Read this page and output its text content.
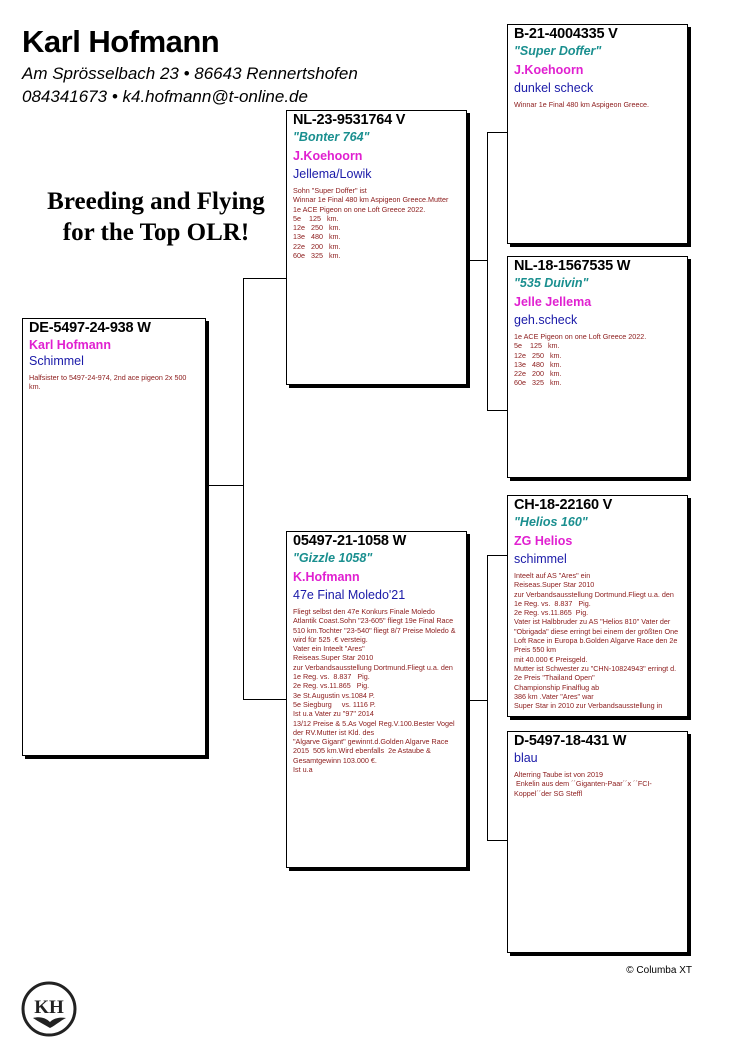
Karl Hofmann
Am Sprösselbach 23 • 86643 Rennertshofen
084341673 • k4.hofmann@t-online.de
Breeding and Flying
for the Top OLR!
DE-5497-24-938 W
Karl Hofmann
Schimmel
Halfsister to 5497-24-974, 2nd ace pigeon 2x 500
km.
NL-23-9531764 V
"Bonter 764"
J.Koehoorn
Jellema/Lowik
Sohn "Super Doffer" ist
Winnar 1e Final 480 km Aspigeon Greece.Mutter
1e ACE Pigeon on one Loft Greece 2022.
5e    125   km.
12e   250   km.
13e   480   km.
22e   200   km.
60e   325   km.
05497-21-1058 W
"Gizzle 1058"
K.Hofmann
47e Final Moledo'21
Fliegt selbst den 47e Konkurs Finale Moledo
Atlantik Coast.Sohn "23-605" fliegt 19e Final Race
510 km.Tochter "23-540" fliegt 8/7 Preise Moledo &
wird für 525 .€ versteig.
Vater ein Inteelt "Ares"
Reiseas.Super Star 2010
zur Verbandsausstellung Dortmund.Fliegt u.a. den
1e Reg. vs.  8.837   Pig.
2e Reg. vs.11.865   Pig.
3e St.Augustin vs.1084 P.
5e Siegburg     vs. 1116 P.
Ist u.a Vater zu "97" 2014
13/12 Preise & 5.As Vogel Reg.V.100.Bester Vogel
der RV.Mutter ist Kld. des
"Algarve Gigant" gewinnt.d.Golden Algarve Race
2015  505 km.Wird ebenfalls  2e Astaube &
Gesamtgewinn 103.000 €.
Ist u.a
B-21-4004335 V
"Super Doffer"
J.Koehoorn
dunkel scheck
Winnar 1e Final 480 km Aspigeon Greece.
NL-18-1567535 W
"535 Duivin"
Jelle Jellema
geh.scheck
1e ACE Pigeon on one Loft Greece 2022.
5e    125   km.
12e   250   km.
13e   480   km.
22e   200   km.
60e   325   km.
CH-18-22160 V
"Helios 160"
ZG Helios
schimmel
Inteelt auf AS "Ares" ein
Reiseas.Super Star 2010
zur Verbandsausstellung Dortmund.Fliegt u.a. den
1e Reg. vs.  8.837   Pig.
2e Reg. vs.11.865  Pig.
Vater ist Halbbruder zu AS "Helios 810" Vater der
"Obrigada" diese erringt bei einem der größten One
Loft Race in Europa b.Golden Algarve Race den 2e
Preis 550 km
mit 40.000 € Preisgeld.
Mutter ist Schwester zu "CHN-10824943" erringt d.
2e Preis "Thailand Open"
Championship Finalflug ab
386 km .Vater "Ares" war
Super Star in 2010 zur Verbandsausstellung in
D-5497-18-431 W
blau
Alterring Taube ist von 2019
Enkelin aus dem ´´Giganten-Paar´´x ´´FCI-
Koppel´´der SG Steffl
© Columba XT
KH
